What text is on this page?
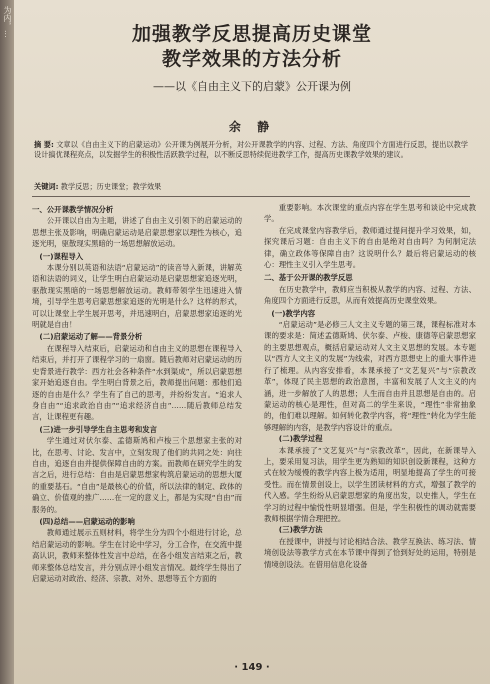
为内，...	加强教学反思提高历史课堂
教学效果的方法分析
——以《自由主义下的启蒙》公开课为例
余 静
摘 要: 文章以《自由主义下的启蒙运动》公开课为例展开分析，对公开课教学的内容、过程、方法、角度四个方面进行反思，提出以教学设计搞优课程亮点，以发掘学生的积极性活跃教学过程，以不断反思特续促进教学工作，提高历史课教学效果的建议。
关键词: 教学反思；历史课堂；教学效果

一、公开课教学情况分析

公开课以自由为主题，讲述了自由主义引领下的启蒙运动的思想主张及影响，明确启蒙运动是启蒙思想家以理性为核心，追逐光明，驱散现实黑暗的一场思想解放运动。

(一)课程导入

本课分别以英语和法语“启蒙运动”的读音导入新课，讲解英语和法语的词义，让学生明白启蒙运动是启蒙思想家追逐光明，驱散现实黑暗的一场思想解放运动。教师带领学生迅速进入情境，引导学生思考启蒙思想家追逐的光明是什么？这样的形式，可以让课堂上学生展开思考，并迅速明白，启蒙思想家追逐的光明就是自由！

(二)启蒙运动了解——背景分析

在课程导入结束后，启蒙运动和自由主义的思想在课程导入结束后，并打开了课程学习的一扇窗。随后教师对启蒙运动的历史背景进行教学：西方社会各种条件“水到渠成”，所以启蒙思想家开始追逐自由。学生明白背景之后，教师提出问题：那他们追逐的自由是什么？学生有了自己的思考，并纷纷发言。“追求人身自由”“追求政治自由”“追求经济自由”……随后教师总结发言，让课程更有趣。

(三)进一步引导学生自主思考和发言

学生通过对伏尔泰、孟德斯鸠和卢梭三个思想家主张的对比，在思考、讨论、发言中，立刻发现了他们的共同之处：向往自由，追逐自由并提供保障自由的方案。而教师在研究学生的发言之后，进行总结：自由是启蒙思想家构筑启蒙运动的思想大厦的重要基石。“自由”是最核心的价值，所以法律的制定、政体的确立、价值观的推广……在一定的意义上，都是为实现“自由”而服务的。

(四)总结——启蒙运动的影响

教师通过展示五则材料，将学生分为四个小组进行讨论，总结启蒙运动的影响。学生在讨论中学习，分工合作，在交流中提高认识，教师来整体性发言中总结，在各小组发言结束之后，教师来整体总结发言，并分别点评小组发言情况。最终学生得出了启蒙运动对政治、经济、宗教、对外、思想等五个方面的

重要影响。本次课堂的重点内容在学生思考和谈论中完成教学。

在完成课堂内容教学后，教师通过提问提升学习效果，如，探究课后习题：自由主义下的自由是绝对自由吗？为何制定法律，确立政体等保障自由？这说明什么？最后将启蒙运动的核心：理性主义引入学生思考。

二、基于公开课的教学反思

在历史教学中，教师应当积极从教学的内容、过程、方法、角度四个方面进行反思，从而有效提高历史课堂效果。

(一)教学内容

“启蒙运动”是必修三人文主义专题的第三课，课程标准对本课的要求是：简述孟德斯鸠、伏尔泰、卢梭、康德等启蒙思想家的主要思想观点，概括启蒙运动对人文主义思想的发展。本专题以“西方人文主义的发展”为线索，对西方思想史上的重大事件进行了梳理。从内容安排看，本课承接了“文艺复兴”与“宗教改革”，体现了民主思想的政治意图，丰富和发展了人文主义的内涵，进一步解放了人的思想；人生而自由并且思想是自由的。启蒙运动的核心是理性，但对高二的学生来说，“理性”非常抽象的，他们难以理解。如何转化教学内容，将“理性”转化为学生能够理解的内容，是教学内容设计的重点。

(二)教学过程

本课承接了“文艺复兴”与“宗教改革”，因此，在新课导入上，要采用复习法，用学生更为熟知的知识创设新课程，这种方式在较为缓慢的教学内容上极为适用，明显地提高了学生的可接受性。而在情景创设上，以学生团读材料的方式，增强了教学的代入感。学生纷纷从启蒙思想家的角度出发，以史推人，学生在学习的过程中愉悦性明显增强。但是，学生积极性的调动就需要教师根据学情合理把控。

(三)教学方法

在授课中，讲授与讨论相结合法、教学互换法、练习法、情境创设法等教学方式在本节课中得到了恰到好处的运用，特别是情境创设法。在借用信息化设备

· 149 ·
